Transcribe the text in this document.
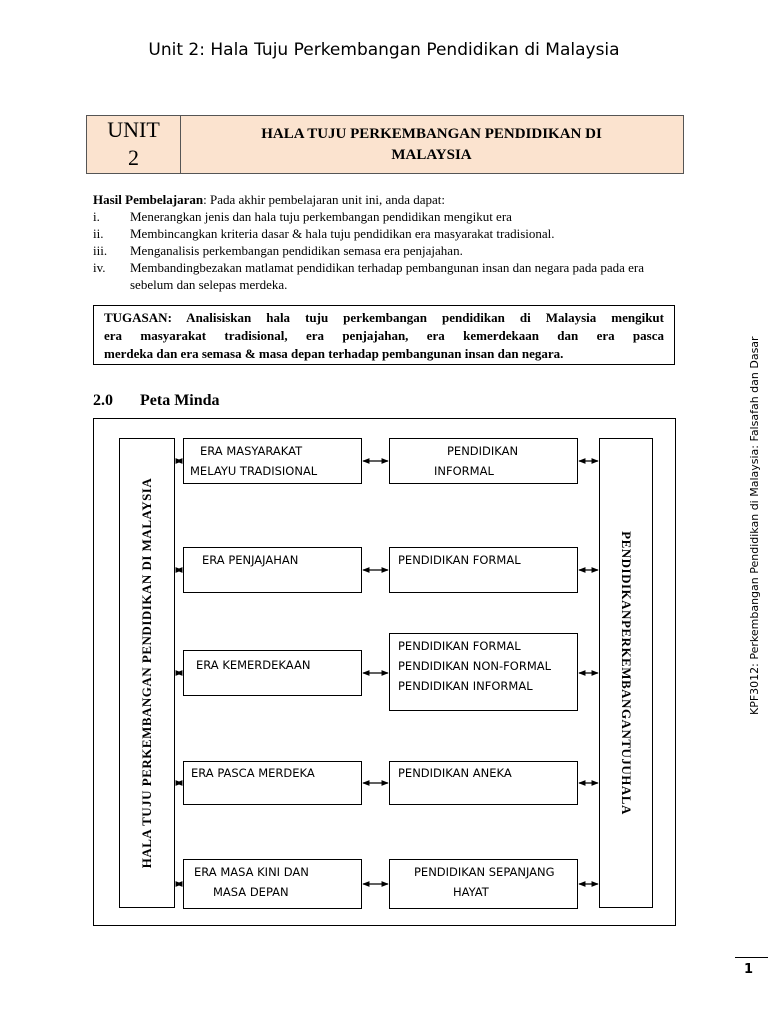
Unit 2: Hala Tuju Perkembangan Pendidikan di Malaysia
UNIT
2
HALA TUJU PERKEMBANGAN PENDIDIKAN DI MALAYSIA
Hasil Pembelajaran: Pada akhir pembelajaran unit ini, anda dapat:
i. Menerangkan jenis dan hala tuju perkembangan pendidikan mengikut era
ii. Membincangkan kriteria dasar & hala tuju pendidikan era masyarakat tradisional.
iii. Menganalisis perkembangan pendidikan semasa era penjajahan.
iv. Membandingbezakan matlamat pendidikan terhadap pembangunan insan dan negara pada pada era sebelum dan selepas merdeka.
TUGASAN: Analisiskan hala tuju perkembangan pendidikan di Malaysia mengikut
era masyarakat tradisional, era penjajahan, era kemerdekaan dan era pasca
merdeka dan era semasa & masa depan terhadap pembangunan insan dan negara.
2.0 Peta Minda
HALA TUJU PERKEMBANGAN PENDIDIKAN DI MALAYSIA	PENDIDIKANPERKEMBANGANTUJUHALA
ERA MASYARAKAT
MELAYU TRADISIONAL
ERA PENJAJAHAN
ERA KEMERDEKAAN
ERA PASCA MERDEKA
ERA MASA KINI DAN
MASA DEPAN
PENDIDIKAN
INFORMAL
PENDIDIKAN FORMAL
PENDIDIKAN FORMAL
PENDIDIKAN NON-FORMAL
PENDIDIKAN INFORMAL
PENDIDIKAN ANEKA
PENDIDIKAN SEPANJANG
HAYAT
KPF3012: Perkembangan Pendidikan di Malaysia: Falsafah dan Dasar
1
